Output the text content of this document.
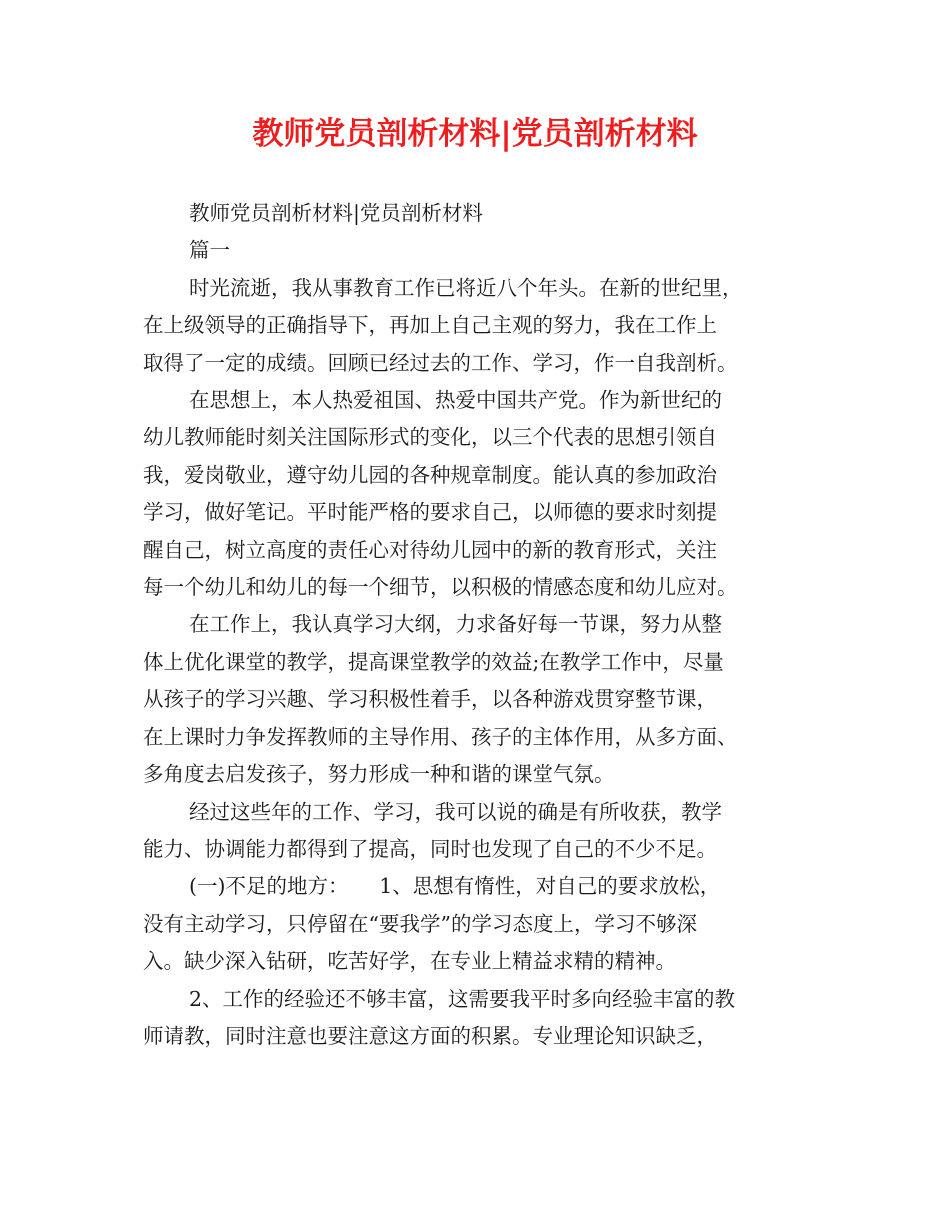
教师党员剖析材料|党员剖析材料
教师党员剖析材料|党员剖析材料
篇一
时光流逝，我从事教育工作已将近八个年头。在新的世纪里，
在上级领导的正确指导下，再加上自己主观的努力，我在工作上
取得了一定的成绩。回顾已经过去的工作、学习，作一自我剖析。
在思想上，本人热爱祖国、热爱中国共产党。作为新世纪的
幼儿教师能时刻关注国际形式的变化，以三个代表的思想引领自
我，爱岗敬业，遵守幼儿园的各种规章制度。能认真的参加政治
学习，做好笔记。平时能严格的要求自己，以师德的要求时刻提
醒自己，树立高度的责任心对待幼儿园中的新的教育形式，关注
每一个幼儿和幼儿的每一个细节，以积极的情感态度和幼儿应对。
在工作上，我认真学习大纲，力求备好每一节课，努力从整
体上优化课堂的教学，提高课堂教学的效益;在教学工作中，尽量
从孩子的学习兴趣、学习积极性着手，以各种游戏贯穿整节课，
在上课时力争发挥教师的主导作用、孩子的主体作用，从多方面、
多角度去启发孩子，努力形成一种和谐的课堂气氛。
经过这些年的工作、学习，我可以说的确是有所收获，教学
能力、协调能力都得到了提高，同时也发现了自己的不少不足。
(一)不足的地方：　　1、思想有惰性，对自己的要求放松，
没有主动学习，只停留在“要我学”的学习态度上，学习不够深
入。缺少深入钻研，吃苦好学，在专业上精益求精的精神。
2、工作的经验还不够丰富，这需要我平时多向经验丰富的教
师请教，同时注意也要注意这方面的积累。专业理论知识缺乏，
